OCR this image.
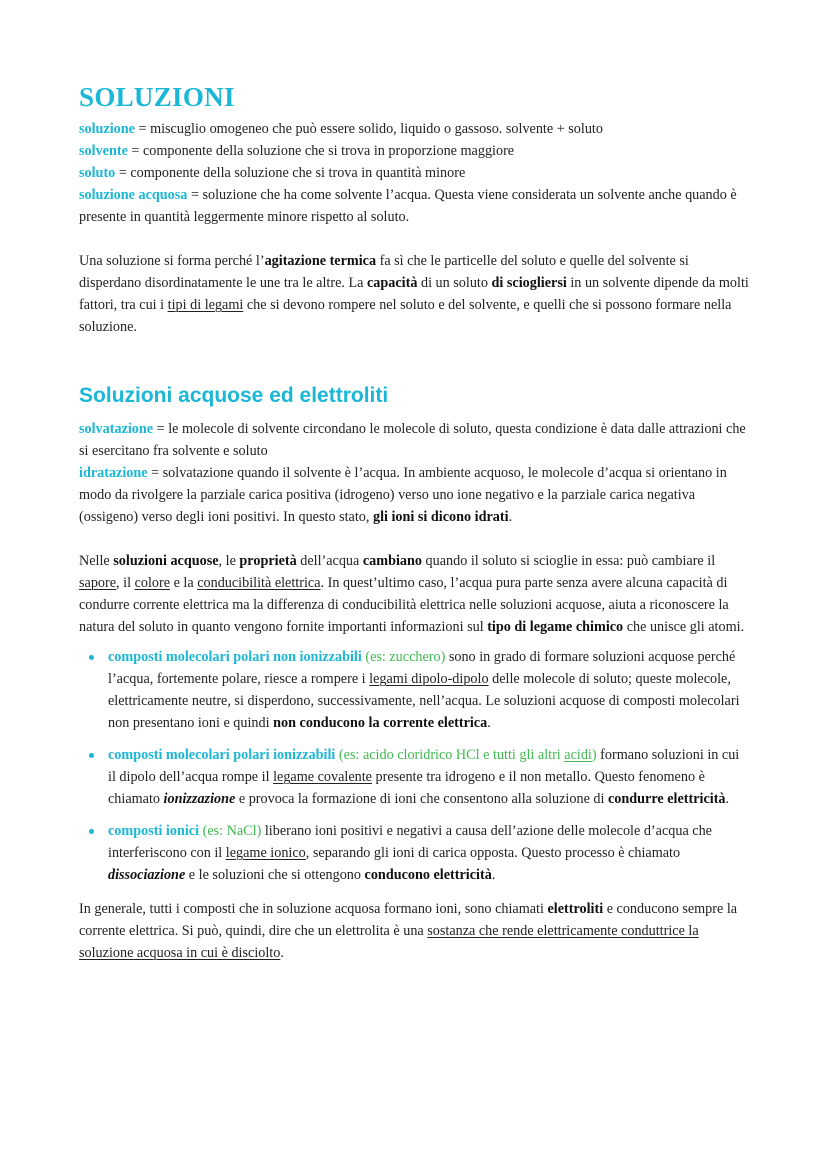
SOLUZIONI

soluzione = miscuglio omogeneo che può essere solido, liquido o gassoso. solvente + soluto

solvente = componente della soluzione che si trova in proporzione maggiore

soluto = componente della soluzione che si trova in quantità minore

soluzione acquosa = soluzione che ha come solvente l’acqua. Questa viene considerata un solvente anche quando è presente in quantità leggermente minore rispetto al soluto.

Una soluzione si forma perché l’agitazione termica fa sì che le particelle del soluto e quelle del solvente si disperdano disordinatamente le une tra le altre. La capacità di un soluto di sciogliersi in un solvente dipende da molti fattori, tra cui i tipi di legami che si devono rompere nel soluto e del solvente, e quelli che si possono formare nella soluzione.

Soluzioni acquose ed elettroliti

solvatazione = le molecole di solvente circondano le molecole di soluto, questa condizione è data dalle attrazioni che si esercitano fra solvente e soluto

idratazione = solvatazione quando il solvente è l’acqua. In ambiente acquoso, le molecole d’acqua si orientano in modo da rivolgere la parziale carica positiva (idrogeno) verso uno ione negativo e la parziale carica negativa (ossigeno) verso degli ioni positivi. In questo stato, gli ioni si dicono idrati.

Nelle soluzioni acquose, le proprietà dell’acqua cambiano quando il soluto si scioglie in essa: può cambiare il sapore, il colore e la conducibilità elettrica. In quest’ultimo caso, l’acqua pura parte senza avere alcuna capacità di condurre corrente elettrica ma la differenza di conducibilità elettrica nelle soluzioni acquose, aiuta a riconoscere la natura del soluto in quanto vengono fornite importanti informazioni sul tipo di legame chimico che unisce gli atomi.

composti molecolari polari non ionizzabili (es: zucchero) sono in grado di formare soluzioni acquose perché l’acqua, fortemente polare, riesce a rompere i legami dipolo-dipolo delle molecole di soluto; queste molecole, elettricamente neutre, si disperdono, successivamente, nell’acqua. Le soluzioni acquose di composti molecolari non presentano ioni e quindi non conducono la corrente elettrica.
composti molecolari polari ionizzabili (es: acido cloridrico HCl e tutti gli altri acidi) formano soluzioni in cui il dipolo dell’acqua rompe il legame covalente presente tra idrogeno e il non metallo. Questo fenomeno è chiamato ionizzazione e provoca la formazione di ioni che consentono alla soluzione di condurre elettricità.
composti ionici (es: NaCl) liberano ioni positivi e negativi a causa dell’azione delle molecole d’acqua che interferiscono con il legame ionico, separando gli ioni di carica opposta. Questo processo è chiamato dissociazione e le soluzioni che si ottengono conducono elettricità.

In generale, tutti i composti che in soluzione acquosa formano ioni, sono chiamati elettroliti e conducono sempre la corrente elettrica. Si può, quindi, dire che un elettrolita è una sostanza che rende elettricamente conduttrice la soluzione acquosa in cui è disciolto.
